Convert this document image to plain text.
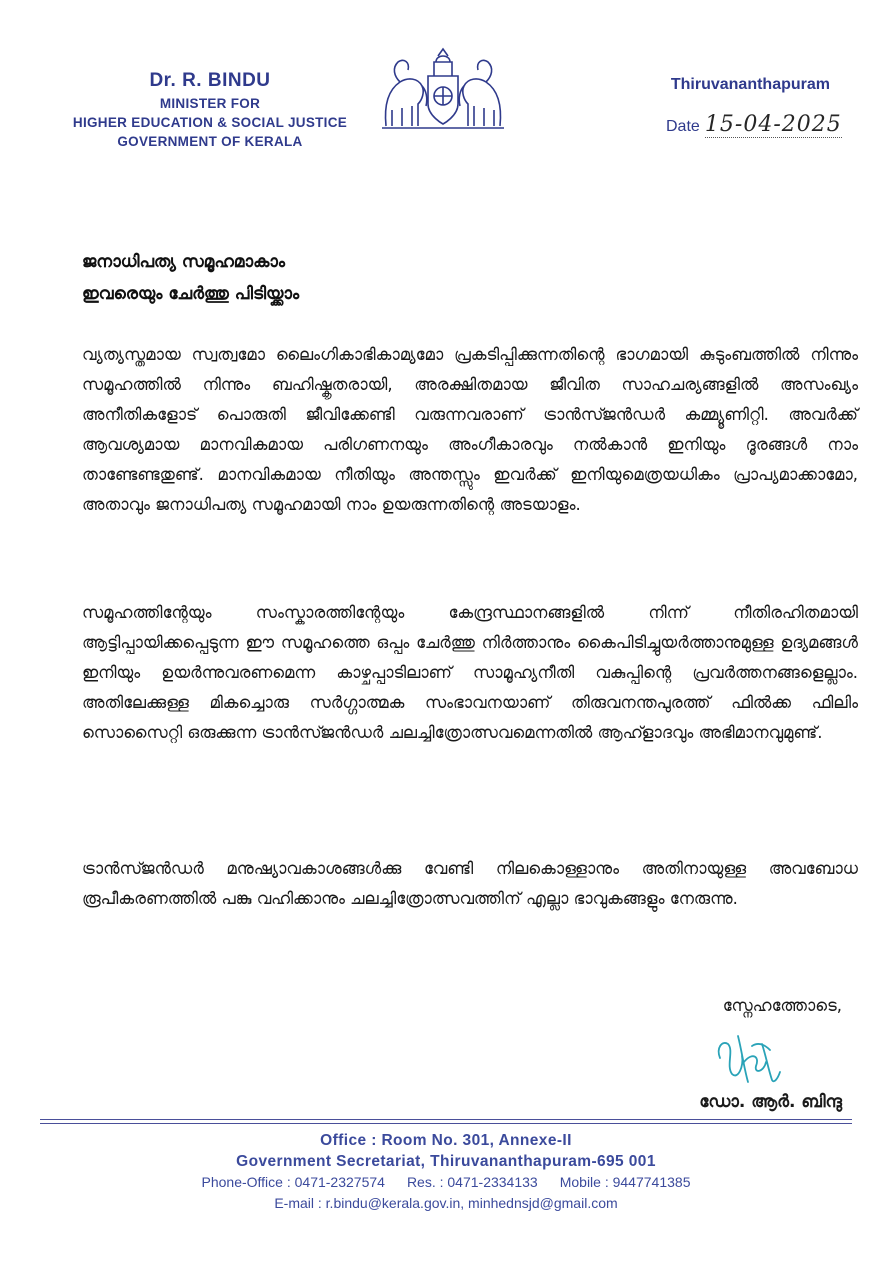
Dr. R. BINDU
MINISTER FOR
HIGHER EDUCATION & SOCIAL JUSTICE
GOVERNMENT OF KERALA
Thiruvananthapuram
Date 15-04-2025
ജനാധിപത്യ സമൂഹമാകാം
ഇവരെയും ചേർത്തു പിടിയ്ക്കാം
വ്യത്യസ്തമായ സ്വത്വമോ ലൈംഗികാഭികാമ്യമോ പ്രകടിപ്പിക്കുന്നതിന്റെ ഭാഗമായി കുടുംബത്തിൽ നിന്നും സമൂഹത്തിൽ നിന്നും ബഹിഷ്കൃതരായി, അരക്ഷിതമായ ജീവിത സാഹചര്യങ്ങളിൽ അസംഖ്യം അനീതികളോട് പൊരുതി ജീവിക്കേണ്ടി വരുന്നവരാണ് ട്രാൻസ്ജൻഡർ കമ്മ്യൂണിറ്റി. അവർക്ക് ആവശ്യമായ മാനവികമായ പരിഗണനയും അംഗീകാരവും നൽകാൻ ഇനിയും ദൂരങ്ങൾ നാം താണ്ടേണ്ടതുണ്ട്. മാനവികമായ നീതിയും അന്തസ്സും ഇവർക്ക് ഇനിയുമെത്രയധികം പ്രാപ്യമാക്കാമോ, അതാവും ജനാധിപത്യ സമൂഹമായി നാം ഉയരുന്നതിന്റെ അടയാളം.
സമൂഹത്തിന്റേയും സംസ്കാരത്തിന്റേയും കേന്ദ്രസ്ഥാനങ്ങളിൽ നിന്ന് നീതിരഹിതമായി ആട്ടിപ്പായിക്കപ്പെടുന്ന ഈ സമൂഹത്തെ ഒപ്പം ചേർത്തു നിർത്താനും കൈപിടിച്ചുയർത്താനുമുള്ള ഉദ്യമങ്ങൾ ഇനിയും ഉയർന്നുവരണമെന്ന കാഴ്ചപ്പാടിലാണ് സാമൂഹ്യനീതി വകുപ്പിന്റെ പ്രവർത്തനങ്ങളെല്ലാം. അതിലേക്കുള്ള മികച്ചൊരു സർഗ്ഗാത്മക സംഭാവനയാണ് തിരുവനന്തപുരത്ത് ഫിൽക്ക ഫിലിം സൊസൈറ്റി ഒരുക്കുന്ന ട്രാൻസ്ജൻഡർ ചലച്ചിത്രോത്സവമെന്നതിൽ ആഹ്ളാദവും അഭിമാനവുമുണ്ട്.
ട്രാൻസ്ജൻഡർ മനുഷ്യാവകാശങ്ങൾക്കു വേണ്ടി നിലകൊള്ളാനും അതിനായുള്ള അവബോധ രൂപീകരണത്തിൽ പങ്കു വഹിക്കാനും ചലച്ചിത്രോത്സവത്തിന് എല്ലാ ഭാവുകങ്ങളും നേരുന്നു.
സ്നേഹത്തോടെ,
ഡോ. ആർ. ബിന്ദു
Office : Room No. 301, Annexe-II
Government Secretariat, Thiruvananthapuram-695 001
Phone-Office : 0471-2327574 Res. : 0471-2334133 Mobile : 9447741385
E-mail : r.bindu@kerala.gov.in, minhednsjd@gmail.com
